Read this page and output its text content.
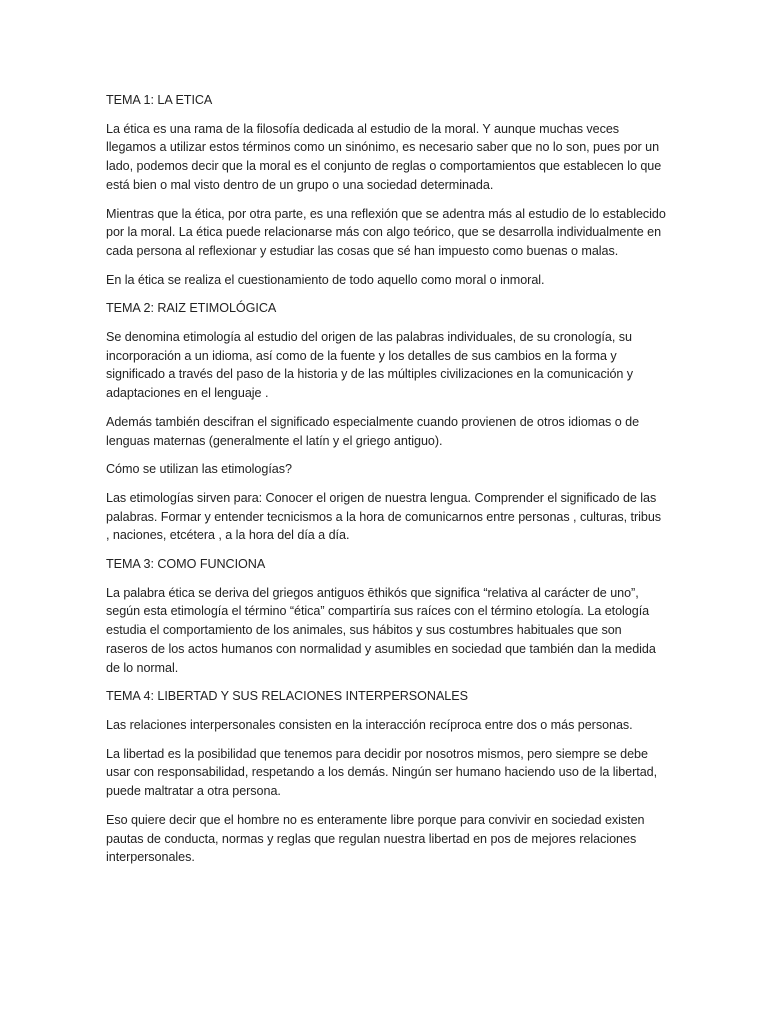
TEMA 1: LA ETICA

La ética es una rama de la filosofía dedicada al estudio de la moral. Y aunque muchas veces llegamos a utilizar estos términos como un sinónimo, es necesario saber que no lo son, pues por un lado, podemos decir que la moral es el conjunto de reglas o comportamientos que establecen lo que está bien o mal visto dentro de un grupo o una sociedad determinada.

Mientras que la ética, por otra parte, es una reflexión que se adentra más al estudio de lo establecido por la moral. La ética puede relacionarse más con algo teórico, que se desarrolla individualmente en cada persona al reflexionar y estudiar las cosas que sé han impuesto como buenas o malas.

En la ética se realiza el cuestionamiento de todo aquello como moral o inmoral.

TEMA 2: RAIZ ETIMOLÓGICA

Se denomina etimología al estudio del origen de las palabras individuales, de su cronología, su incorporación a un idioma, así como de la fuente y los detalles de sus cambios en la forma y significado a través del paso de la historia y de las múltiples civilizaciones en la comunicación y adaptaciones en el lenguaje .

Además también descifran el significado especialmente cuando provienen de otros idiomas o de lenguas maternas (generalmente el latín y el griego antiguo).

Cómo se utilizan las etimologías?

Las etimologías sirven para: Conocer el origen de nuestra lengua. Comprender el significado de las palabras. Formar y entender tecnicismos a la hora de comunicarnos entre personas , culturas, tribus , naciones, etcétera , a la hora del día a día.

TEMA 3: COMO FUNCIONA

La palabra ética se deriva del griegos antiguos ēthikós que significa “relativa al carácter de uno”, según esta etimología el término “ética” compartiría sus raíces con el término etología. La etología estudia el comportamiento de los animales, sus hábitos y sus costumbres habituales que son raseros de los actos humanos con normalidad y asumibles en sociedad que también dan la medida de lo normal.

TEMA 4: LIBERTAD Y SUS RELACIONES INTERPERSONALES

Las relaciones interpersonales consisten en la interacción recíproca entre dos o más personas.

La libertad es la posibilidad que tenemos para decidir por nosotros mismos, pero siempre se debe usar con responsabilidad, respetando a los demás. Ningún ser humano haciendo uso de la libertad, puede maltratar a otra persona.

Eso quiere decir que el hombre no es enteramente libre porque para convivir en sociedad existen pautas de conducta, normas y reglas que regulan nuestra libertad en pos de mejores relaciones interpersonales.
